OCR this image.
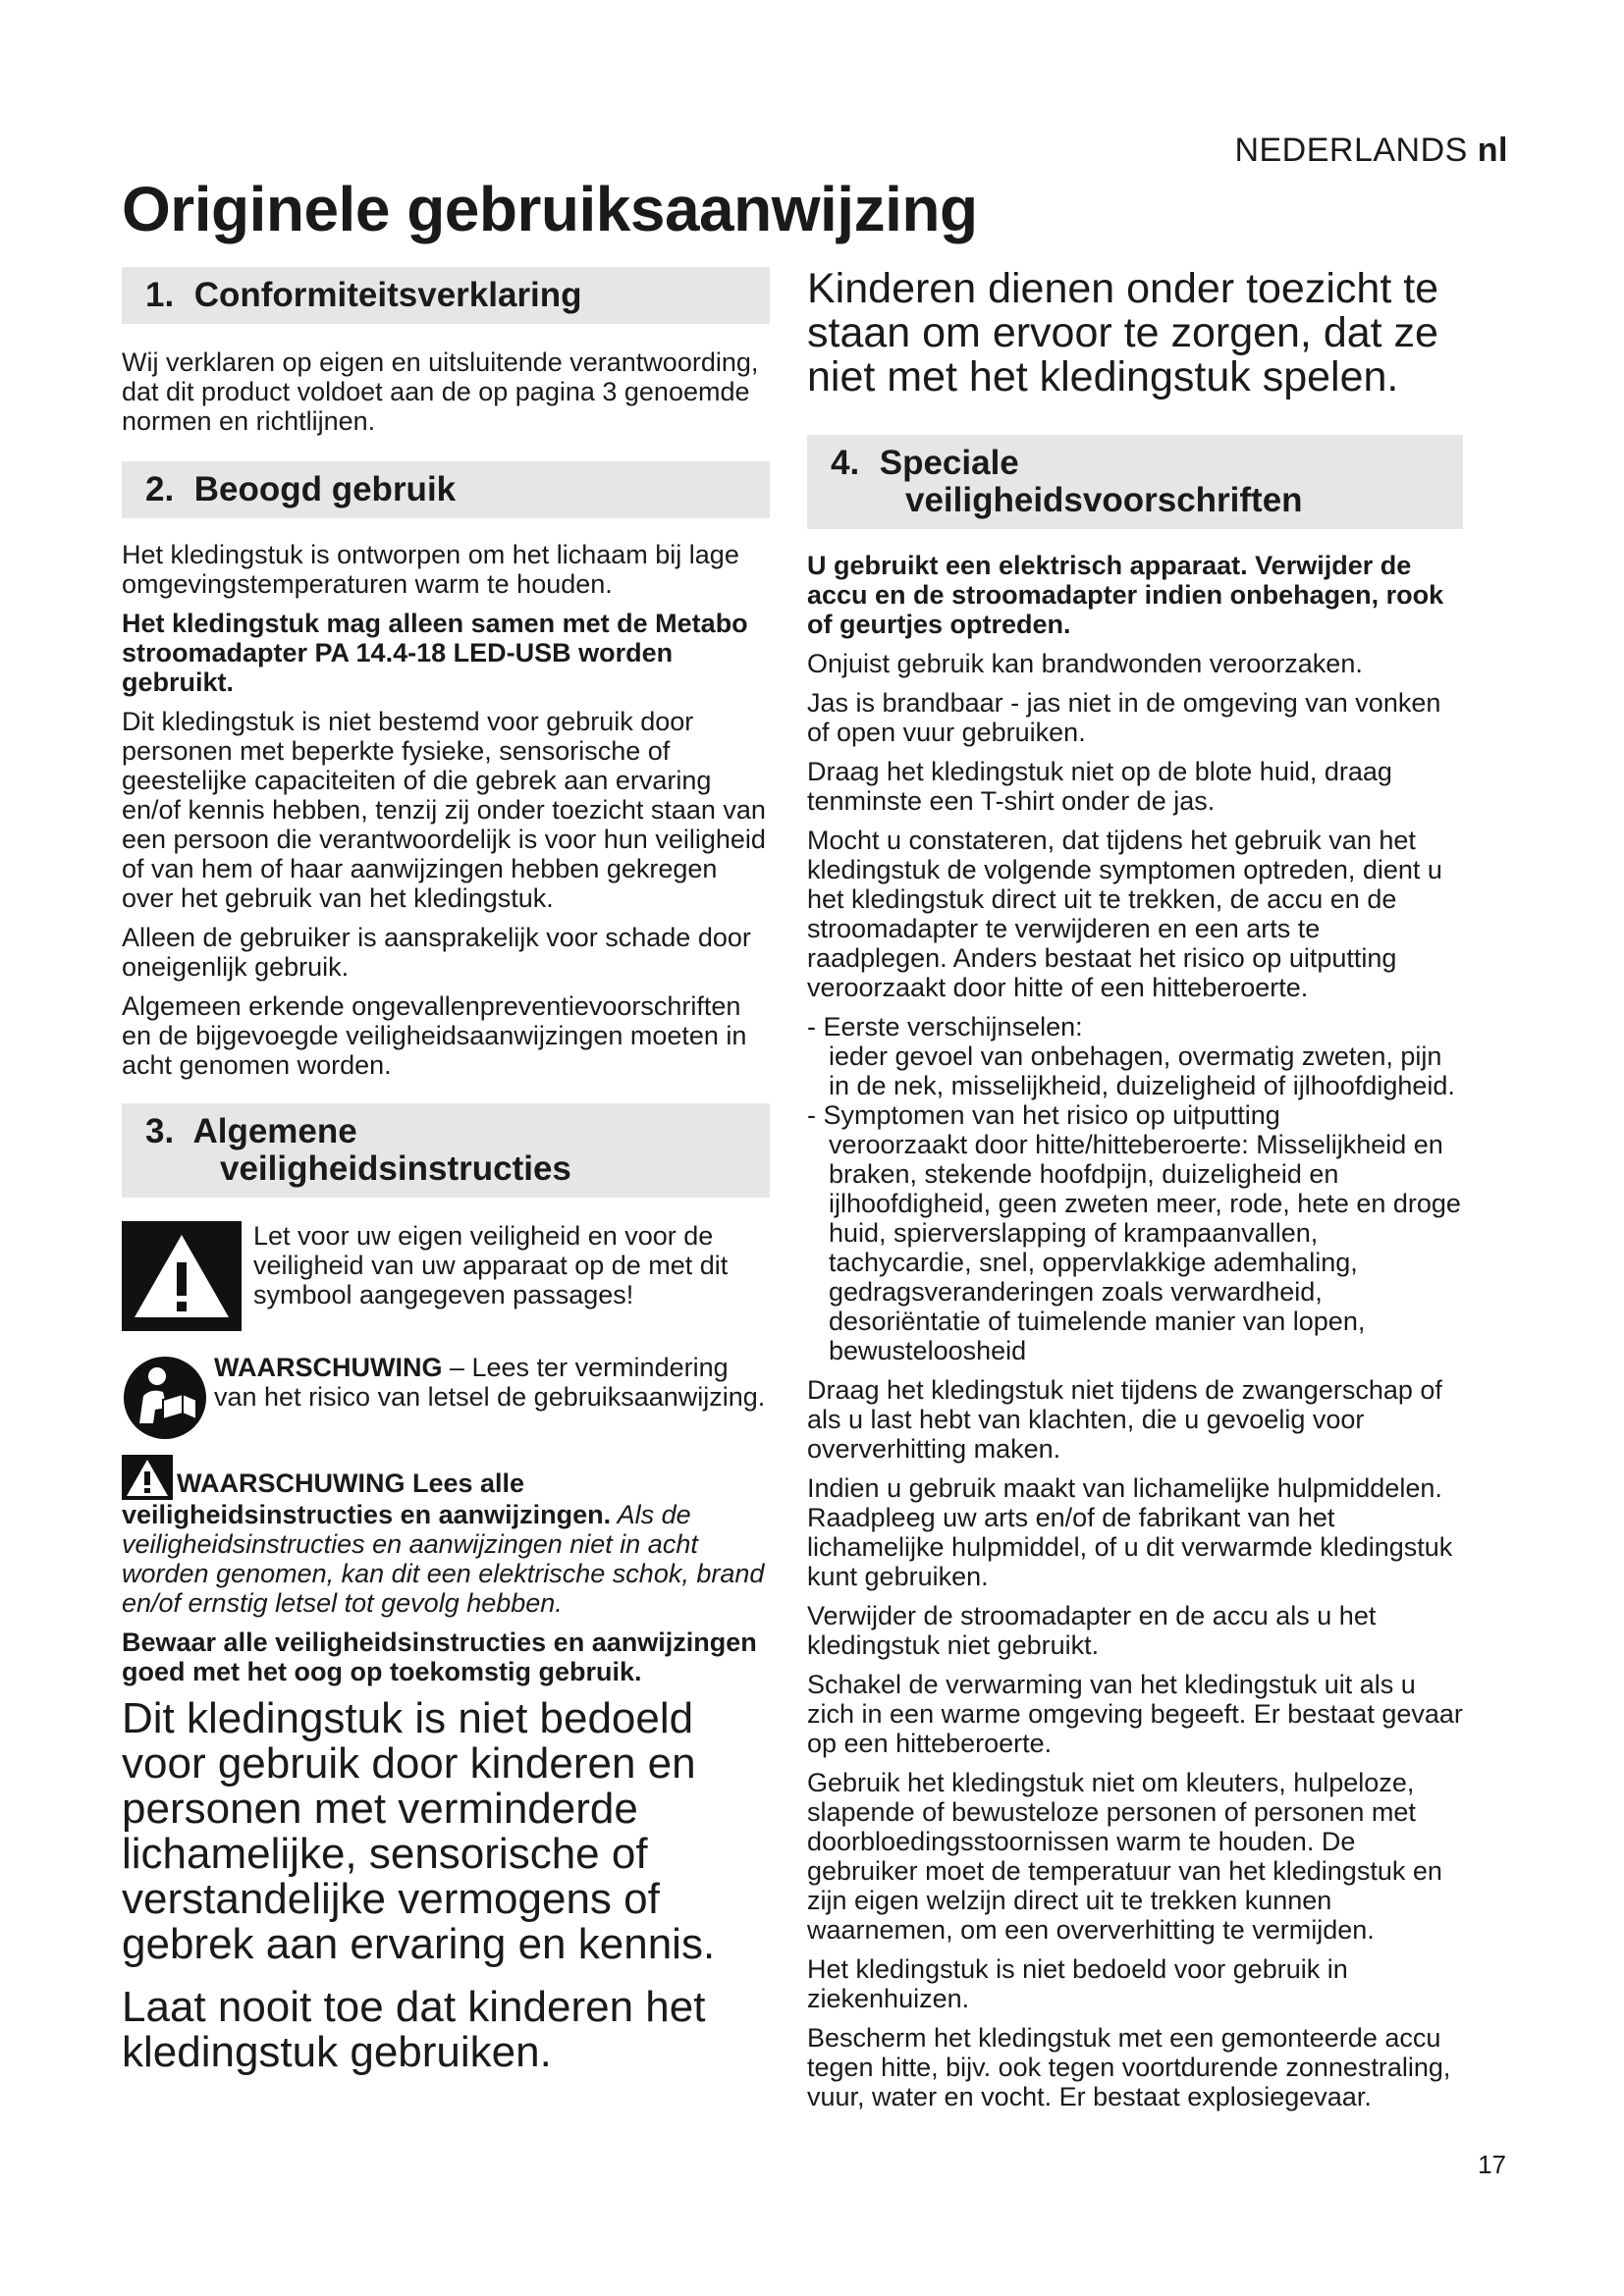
NEDERLANDS nl
Originele gebruiksaanwijzing
1. Conformiteitsverklaring

Wij verklaren op eigen en uitsluitende verantwoording, dat dit product voldoet aan de op pagina 3 genoemde normen en richtlijnen.

2. Beoogd gebruik

Het kledingstuk is ontworpen om het lichaam bij lage omgevingstemperaturen warm te houden.

Het kledingstuk mag alleen samen met de Metabo stroomadapter PA 14.4-18 LED-USB worden gebruikt.

Dit kledingstuk is niet bestemd voor gebruik door personen met beperkte fysieke, sensorische of geestelijke capaciteiten of die gebrek aan ervaring en/of kennis hebben, tenzij zij onder toezicht staan van een persoon die verantwoordelijk is voor hun veiligheid of van hem of haar aanwijzingen hebben gekregen over het gebruik van het kledingstuk.

Alleen de gebruiker is aansprakelijk voor schade door oneigenlijk gebruik.

Algemeen erkende ongevallenpreventievoorschriften en de bijgevoegde veiligheidsaanwijzingen moeten in acht genomen worden.

3. Algemene
veiligheidsinstructies

Let voor uw eigen veiligheid en voor de veiligheid van uw apparaat op de met dit symbool aangegeven passages!

WAARSCHUWING – Lees ter vermindering van het risico van letsel de gebruiksaanwijzing.

WAARSCHUWING Lees alle veiligheidsinstructies en aanwijzingen. Als de veiligheidsinstructies en aanwijzingen niet in acht worden genomen, kan dit een elektrische schok, brand en/of ernstig letsel tot gevolg hebben.

Bewaar alle veiligheidsinstructies en aanwijzingen goed met het oog op toekomstig gebruik.

Dit kledingstuk is niet bedoeld voor gebruik door kinderen en personen met verminderde lichamelijke, sensorische of verstandelijke vermogens of gebrek aan ervaring en kennis.

Laat nooit toe dat kinderen het kledingstuk gebruiken.

Kinderen dienen onder toezicht te staan om ervoor te zorgen, dat ze niet met het kledingstuk spelen.

4. Speciale
veiligheidsvoorschriften

U gebruikt een elektrisch apparaat. Verwijder de accu en de stroomadapter indien onbehagen, rook of geurtjes optreden.

Onjuist gebruik kan brandwonden veroorzaken.

Jas is brandbaar - jas niet in de omgeving van vonken of open vuur gebruiken.

Draag het kledingstuk niet op de blote huid, draag tenminste een T-shirt onder de jas.

Mocht u constateren, dat tijdens het gebruik van het kledingstuk de volgende symptomen optreden, dient u het kledingstuk direct uit te trekken, de accu en de stroomadapter te verwijderen en een arts te raadplegen. Anders bestaat het risico op uitputting veroorzaakt door hitte of een hitteberoerte.

- Eerste verschijnselen:
ieder gevoel van onbehagen, overmatig zweten, pijn in de nek, misselijkheid, duizeligheid of ijlhoofdigheid.

- Symptomen van het risico op uitputting
veroorzaakt door hitte/hitteberoerte: Misselijkheid en braken, stekende hoofdpijn, duizeligheid en ijlhoofdigheid, geen zweten meer, rode, hete en droge huid, spierverslapping of krampaanvallen, tachycardie, snel, oppervlakkige ademhaling, gedragsveranderingen zoals verwardheid, desoriëntatie of tuimelende manier van lopen, bewusteloosheid

Draag het kledingstuk niet tijdens de zwangerschap of als u last hebt van klachten, die u gevoelig voor oververhitting maken.

Indien u gebruik maakt van lichamelijke hulpmiddelen. Raadpleeg uw arts en/of de fabrikant van het lichamelijke hulpmiddel, of u dit verwarmde kledingstuk kunt gebruiken.

Verwijder de stroomadapter en de accu als u het kledingstuk niet gebruikt.

Schakel de verwarming van het kledingstuk uit als u zich in een warme omgeving begeeft. Er bestaat gevaar op een hitteberoerte.

Gebruik het kledingstuk niet om kleuters, hulpeloze, slapende of bewusteloze personen of personen met doorbloedingsstoornissen warm te houden. De gebruiker moet de temperatuur van het kledingstuk en zijn eigen welzijn direct uit te trekken kunnen waarnemen, om een oververhitting te vermijden.

Het kledingstuk is niet bedoeld voor gebruik in ziekenhuizen.

Bescherm het kledingstuk met een gemonteerde accu tegen hitte, bijv. ook tegen voortdurende zonnestraling, vuur, water en vocht. Er bestaat explosiegevaar.

17
